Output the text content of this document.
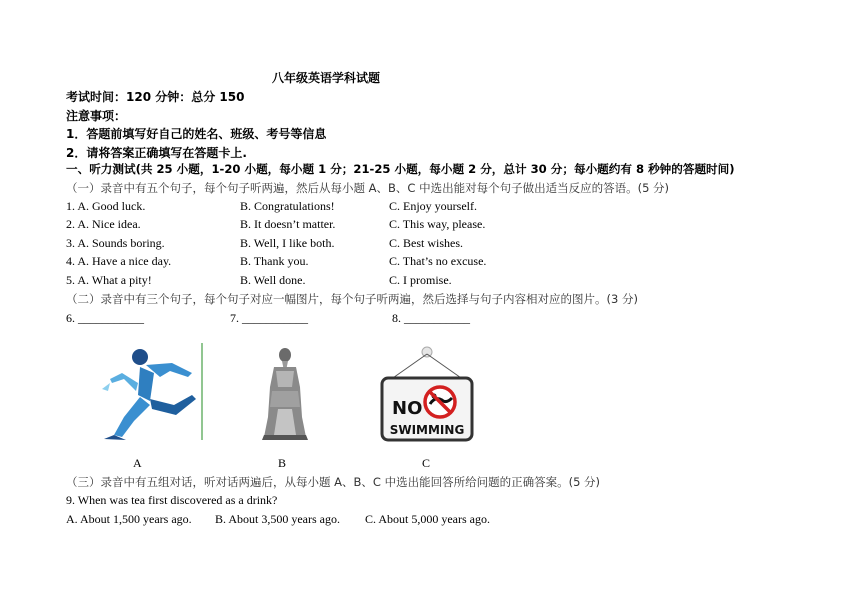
八年级英语学科试题
考试时间：120 分钟：总分 150
注意事项：
1．答题前填写好自己的姓名、班级、考号等信息
2．请将答案正确填写在答题卡上.
一、听力测试(共 25 小题，1-20 小题，每小题 1 分；21-25 小题，每小题 2 分，总计 30 分；每小题约有 8 秒钟的答题时间)
（一）录音中有五个句子，每个句子听两遍，然后从每小题 A、B、C 中选出能对每个句子做出适当反应的答语。(5 分)
1. A. Good luck.	B. Congratulations!	C. Enjoy yourself.
2. A. Nice idea.	B. It doesn’t matter.	C. This way, please.
3. A. Sounds boring.	B. Well, I like both.	C. Best wishes.
4. A. Have a nice day.	B. Thank you.	C. That’s no excuse.
5. A. What a pity!	B. Well done.	C. I promise.
（二）录音中有三个句子，每个句子对应一幅图片，每个句子听两遍，然后选择与句子内容相对应的图片。(3 分)
6. ___________	7. ___________	8. ___________
A	B
NO
SWIMMING
C
（三）录音中有五组对话，听对话两遍后，从每小题 A、B、C 中选出能回答所给问题的正确答案。(5 分)
9. When was tea first discovered as a drink?
A. About 1,500 years ago. B. About 3,500 years ago. C. About 5,000 years ago.
